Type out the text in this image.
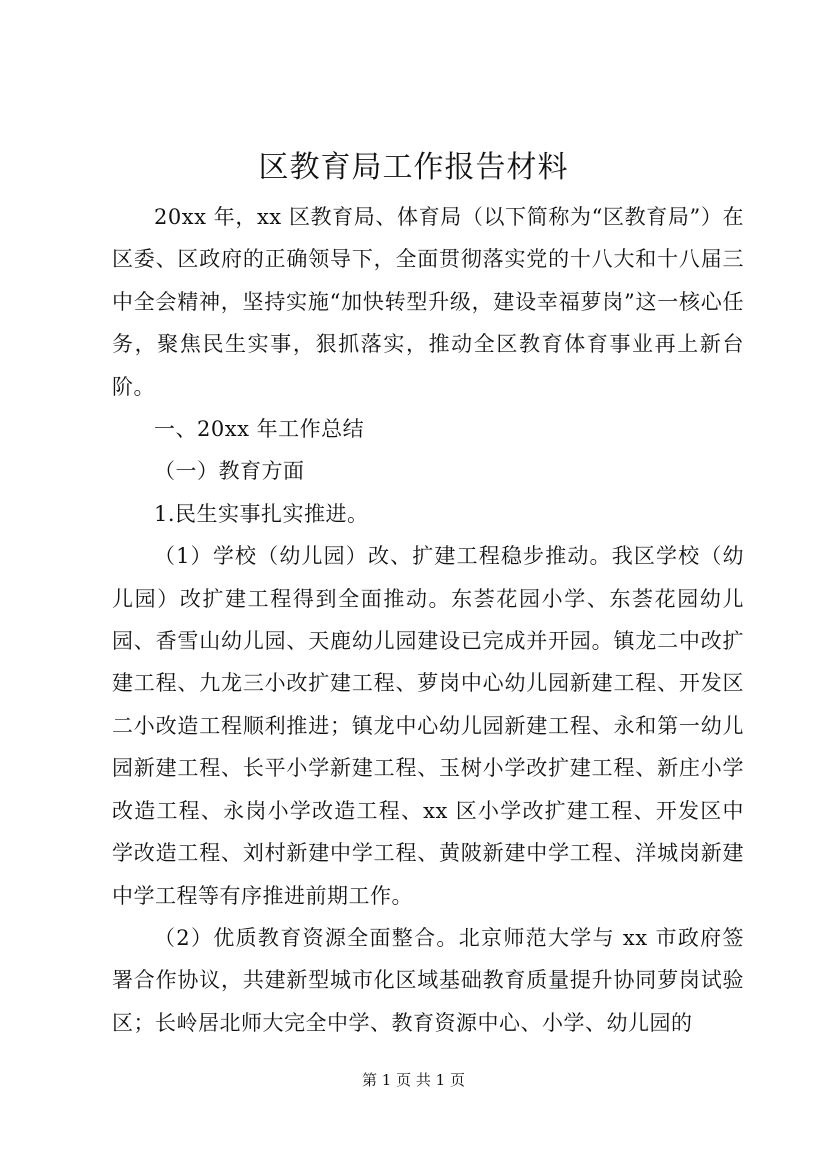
区教育局工作报告材料

20xx 年，xx 区教育局、体育局（以下简称为“区教育局”）在区委、区政府的正确领导下，全面贯彻落实党的十八大和十八届三中全会精神，坚持实施“加快转型升级，建设幸福萝岗”这一核心任务，聚焦民生实事，狠抓落实，推动全区教育体育事业再上新台阶。

一、20xx 年工作总结

（一）教育方面

1.民生实事扎实推进。

（1）学校（幼儿园）改、扩建工程稳步推动。我区学校（幼儿园）改扩建工程得到全面推动。东荟花园小学、东荟花园幼儿园、香雪山幼儿园、天鹿幼儿园建设已完成并开园。镇龙二中改扩建工程、九龙三小改扩建工程、萝岗中心幼儿园新建工程、开发区二小改造工程顺利推进；镇龙中心幼儿园新建工程、永和第一幼儿园新建工程、长平小学新建工程、玉树小学改扩建工程、新庄小学改造工程、永岗小学改造工程、xx 区小学改扩建工程、开发区中学改造工程、刘村新建中学工程、黄陂新建中学工程、洋城岗新建中学工程等有序推进前期工作。

（2）优质教育资源全面整合。北京师范大学与 xx 市政府签署合作协议，共建新型城市化区域基础教育质量提升协同萝岗试验区；长岭居北师大完全中学、教育资源中心、小学、幼儿园的

第 1 页 共 1 页
